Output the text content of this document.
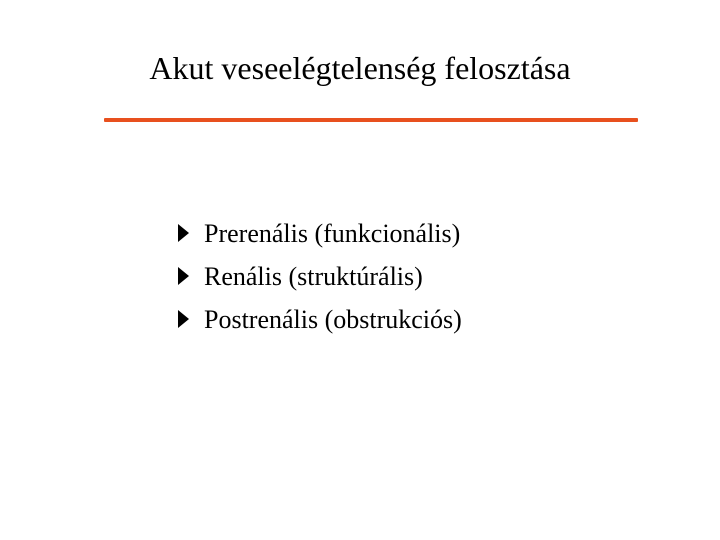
Akut veseelégtelenség felosztása
Prerenális (funkcionális)
Renális (struktúrális)
Postrenális (obstrukciós)
